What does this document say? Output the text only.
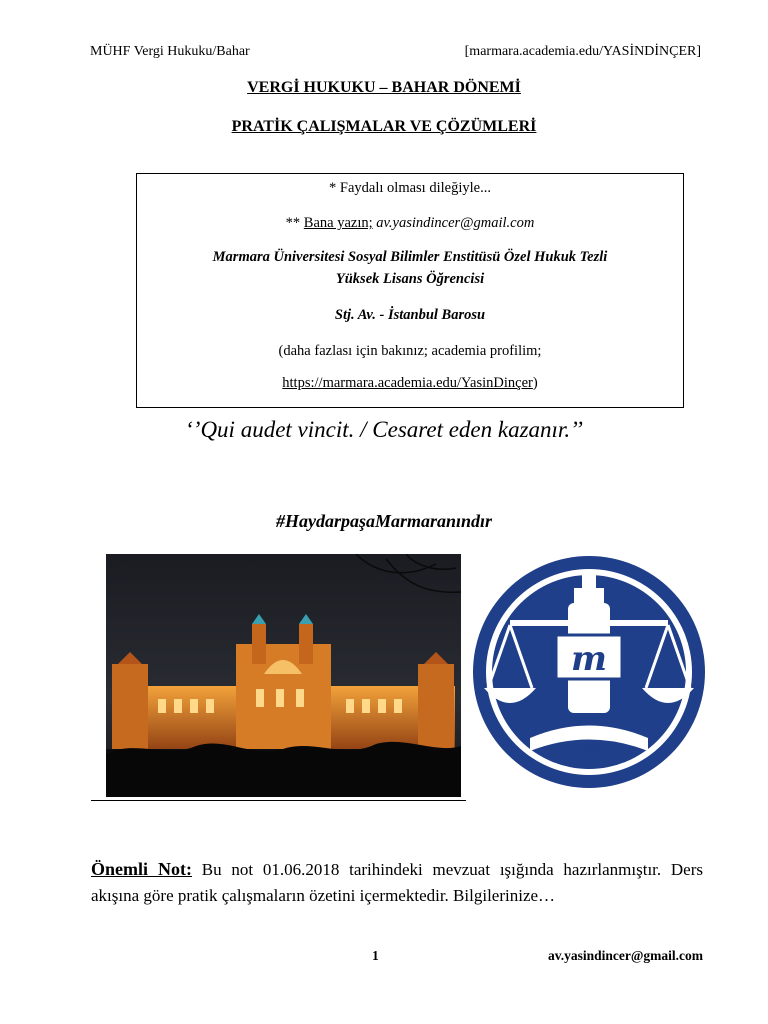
MÜHF Vergi Hukuku/Bahar	[marmara.academia.edu/YASİNDİNÇER]
VERGİ HUKUKU – BAHAR DÖNEMİ
PRATİK ÇALIŞMALAR VE ÇÖZÜMLERİ
* Faydalı olması dileğiyle...
** Bana yazın; av.yasindincer@gmail.com
Marmara Üniversitesi Sosyal Bilimler Enstitüsü Özel Hukuk Tezli
Yüksek Lisans Öğrencisi
Stj. Av. - İstanbul Barosu
(daha fazlası için bakınız; academia profilim;
https://marmara.academia.edu/YasinDinçer)
‘’Qui audet vincit. / Cesaret eden kazanır.’’
#HaydarpaşaMarmaranındır
m
1982
Önemli Not: Bu not 01.06.2018 tarihindeki mevzuat ışığında hazırlanmıştır. Ders akışına göre pratik çalışmaların özetini içermektedir. Bilgilerinize…
1	av.yasindincer@gmail.com
